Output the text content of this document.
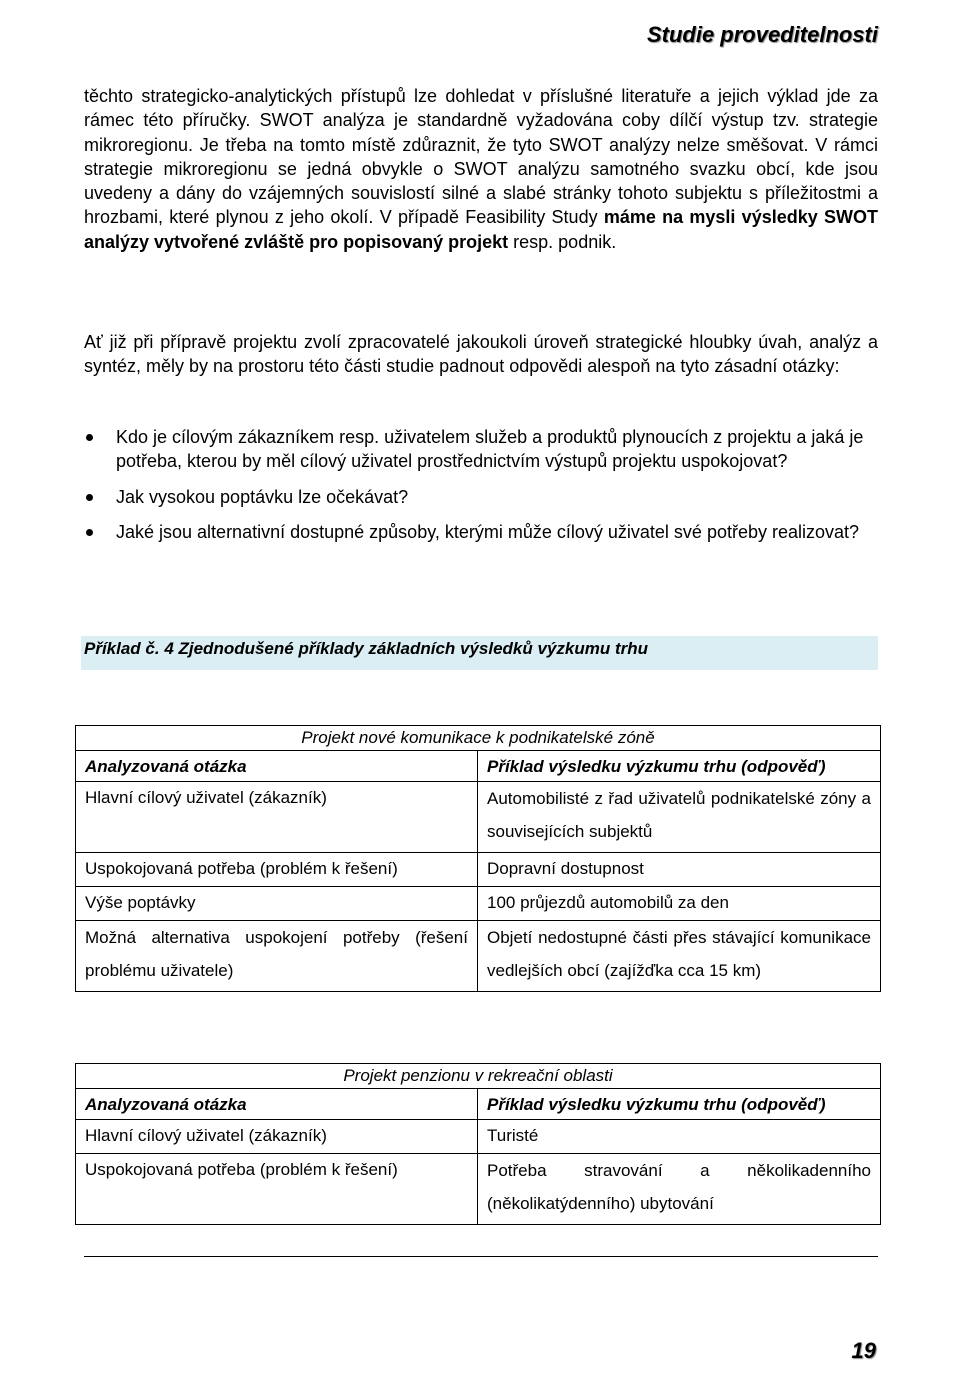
Studie proveditelnosti

těchto strategicko-analytických přístupů lze dohledat v příslušné literatuře a jejich výklad jde za rámec této příručky. SWOT analýza je standardně vyžadována coby dílčí výstup tzv. strategie mikroregionu. Je třeba na tomto místě zdůraznit, že tyto SWOT analýzy nelze směšovat. V rámci strategie mikroregionu se jedná obvykle o SWOT analýzu samotného svazku obcí, kde jsou uvedeny a dány do vzájemných souvislostí silné a slabé stránky tohoto subjektu s příležitostmi a hrozbami, které plynou z jeho okolí. V případě Feasibility Study máme na mysli výsledky SWOT analýzy vytvořené zvláště pro popisovaný projekt resp. podnik.

Ať již při přípravě projektu zvolí zpracovatelé jakoukoli úroveň strategické hloubky úvah, analýz a syntéz, měly by na prostoru této části studie padnout odpovědi alespoň na tyto zásadní otázky:

Kdo je cílovým zákazníkem resp. uživatelem služeb a produktů plynoucích z projektu a jaká je potřeba, kterou by měl cílový uživatel prostřednictvím výstupů projektu uspokojovat?
Jak vysokou poptávku lze očekávat?
Jaké jsou alternativní dostupné způsoby, kterými může cílový uživatel své potřeby realizovat?
Příklad č. 4 Zjednodušené příklady základních výsledků výzkumu trhu
Projekt nové komunikace k podnikatelské zóně	
Analyzovaná otázka	Příklad výsledku výzkumu trhu (odpověď)
Hlavní cílový uživatel (zákazník)	Automobilisté z řad uživatelů podnikatelské zóny a souvisejících subjektů
Uspokojovaná potřeba (problém k řešení)	Dopravní dostupnost
Výše poptávky	100 průjezdů automobilů za den
Možná alternativa uspokojení potřeby (řešení problému uživatele)	Objetí nedostupné části přes stávající komunikace vedlejších obcí (zajížďka cca 15 km)
Projekt penzionu v rekreační oblasti	
Analyzovaná otázka	Příklad výsledku výzkumu trhu (odpověď)
Hlavní cílový uživatel (zákazník)	Turisté
Uspokojovaná potřeba (problém k řešení)	Potřeba stravování a několikadenního (několikatýdenního) ubytování
19
